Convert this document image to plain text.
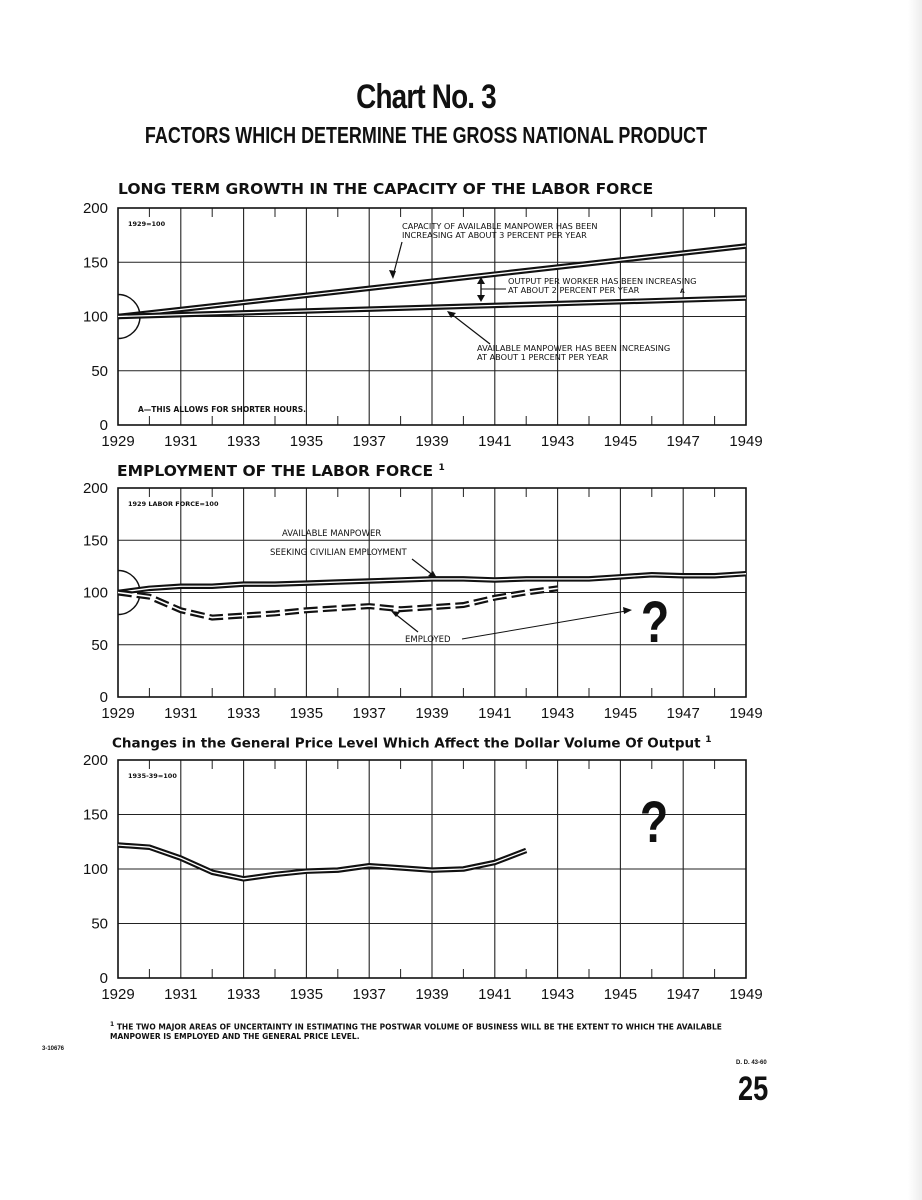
Chart No. 3
FACTORS WHICH DETERMINE THE GROSS NATIONAL PRODUCT
LONG TERM GROWTH IN THE CAPACITY OF THE LABOR FORCE
EMPLOYMENT OF THE LABOR FORCE $^1$
Changes in the General Price Level Which Affect the Dollar Volume Of Output $^1$
0
50
100
150
200
1929 1931 1933 1935 1937 1939 1941 1943 1945 1947 1949
1929=100	CAPACITY OF AVAILABLE MANPOWER HAS BEEN
INCREASING AT ABOUT 3 PERCENT PER YEAR
OUTPUT PER WORKER HAS BEEN INCREASING
AT ABOUT 2 PERCENT PER YEAR	A
AVAILABLE MANPOWER HAS BEEN INCREASING
AT ABOUT 1 PERCENT PER YEAR
A—THIS ALLOWS FOR SHORTER HOURS.
0
50
100
150
200
1929 1931 1933 1935 1937 1939 1941 1943 1945 1947 1949
1929 LABOR FORCE=100
AVAILABLE MANPOWER
SEEKING CIVILIAN EMPLOYMENT
EMPLOYED	?
0
50
100
150
200
1929 1931 1933 1935 1937 1939 1941 1943 1945 1947 1949
1935-39=100
?
$^1$ THE TWO MAJOR AREAS OF UNCERTAINTY IN ESTIMATING THE POSTWAR VOLUME OF BUSINESS WILL BE THE EXTENT TO WHICH THE AVAILABLE MANPOWER IS EMPLOYED AND THE GENERAL PRICE LEVEL.
3-10676
D. D. 43-60
25
